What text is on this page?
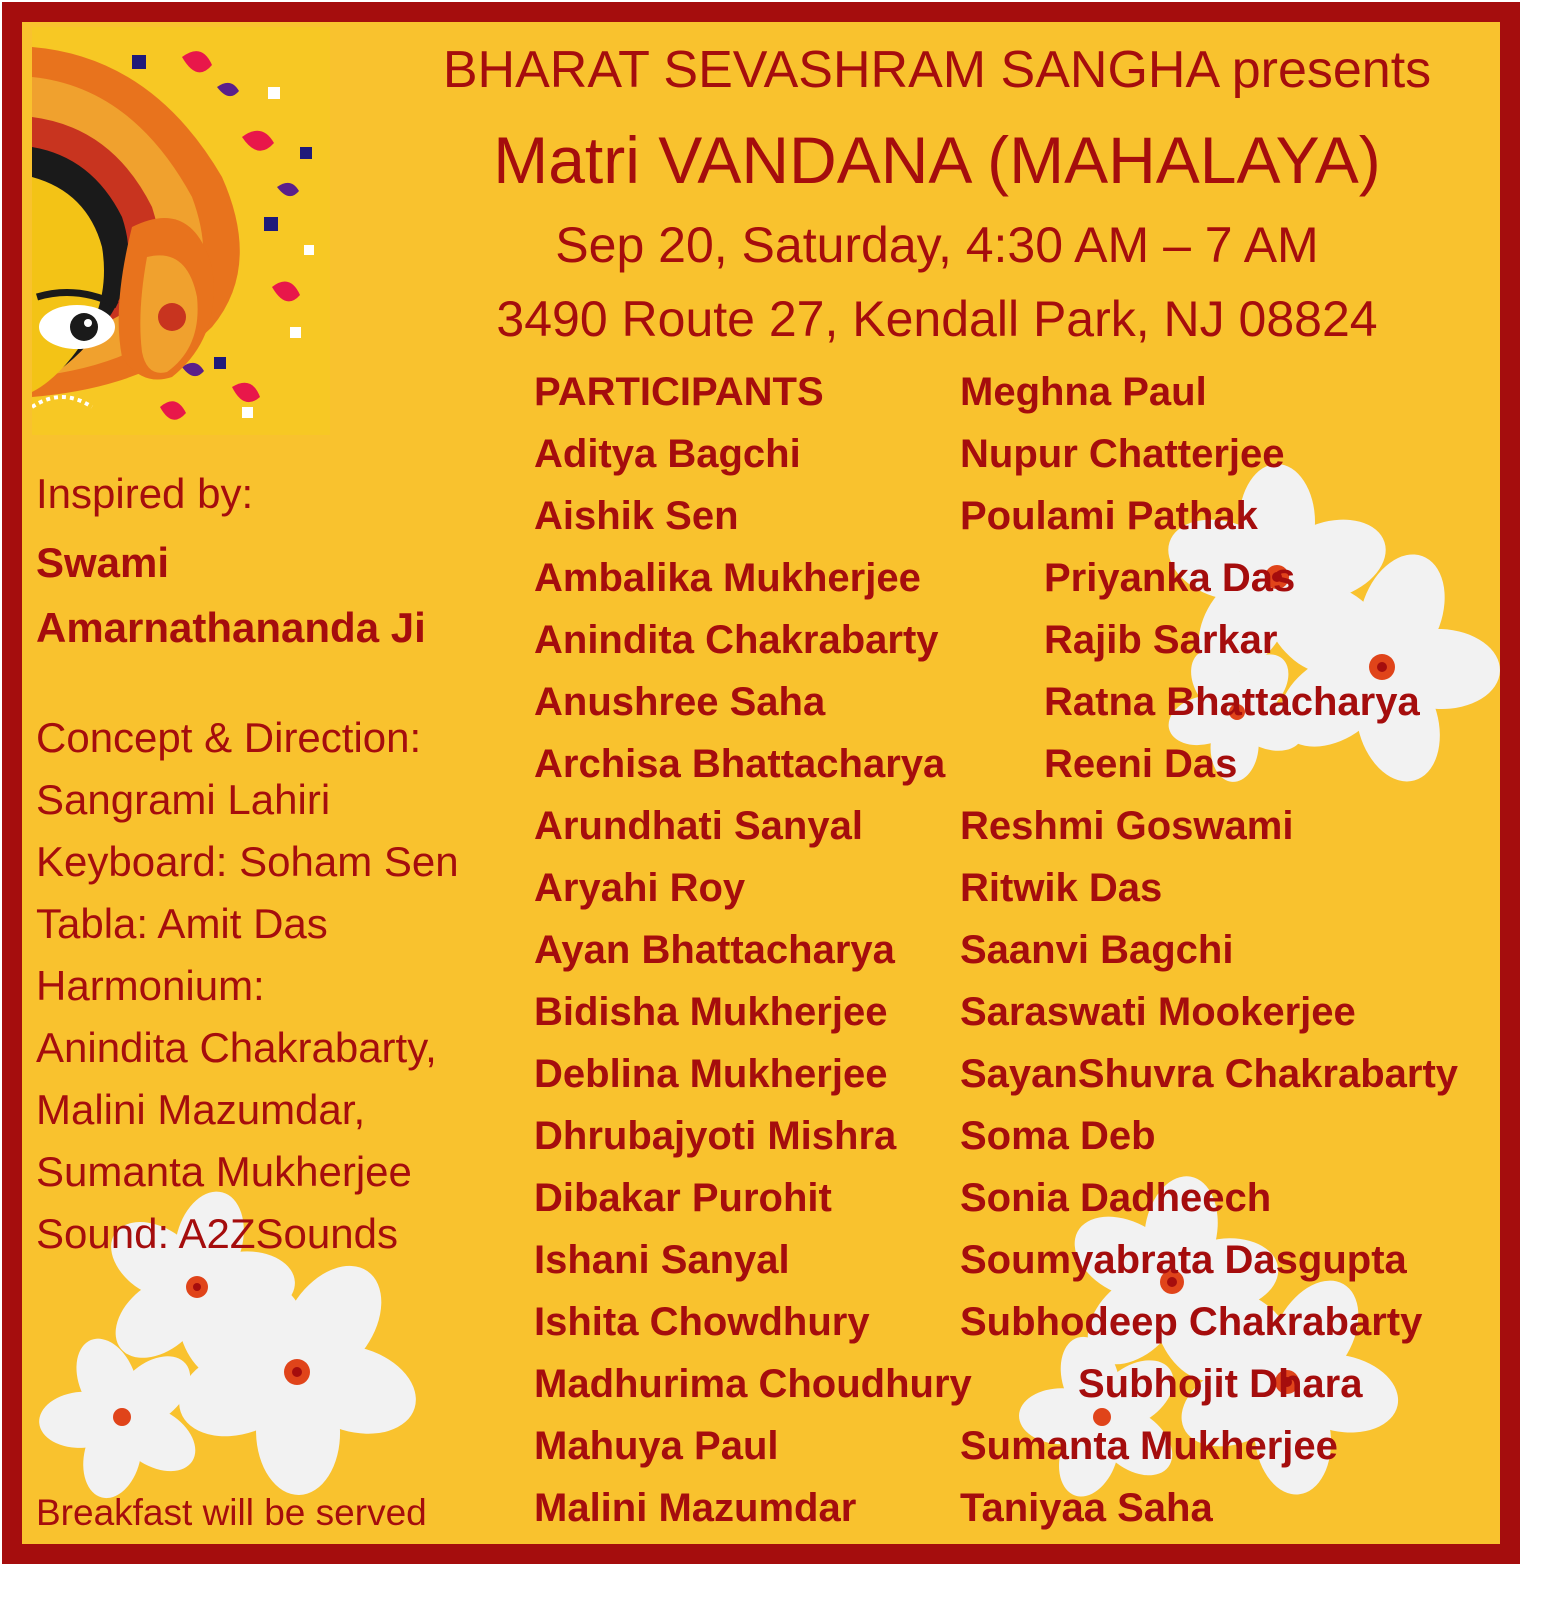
BHARAT SEVASHRAM SANGHA presents
Matri VANDANA (MAHALAYA)
Sep 20, Saturday, 4:30 AM – 7 AM
3490 Route 27, Kendall Park, NJ 08824
Inspired by:
Swami
Amarnathananda Ji
Concept & Direction:
Sangrami Lahiri
Keyboard: Soham Sen
Tabla: Amit Das
Harmonium:
Anindita Chakrabarty,
Malini Mazumdar,
Sumanta Mukherjee
Sound: A2ZSounds
Breakfast will be served
PARTICIPANTS
Aditya Bagchi
Aishik Sen
Ambalika Mukherjee
Anindita Chakrabarty
Anushree Saha
Archisa Bhattacharya
Arundhati Sanyal
Aryahi Roy
Ayan Bhattacharya
Bidisha Mukherjee
Deblina Mukherjee
Dhrubajyoti Mishra
Dibakar Purohit
Ishani Sanyal
Ishita Chowdhury
Madhurima Choudhury
Mahuya Paul
Malini Mazumdar
Meghna Paul
Nupur Chatterjee
Poulami Pathak
Priyanka Das
Rajib Sarkar
Ratna Bhattacharya
Reeni Das
Reshmi Goswami
Ritwik Das
Saanvi Bagchi
Saraswati Mookerjee
SayanShuvra Chakrabarty
Soma Deb
Sonia Dadheech
Soumyabrata Dasgupta
Subhodeep Chakrabarty
Subhojit Dhara
Sumanta Mukherjee
Taniyaa Saha
